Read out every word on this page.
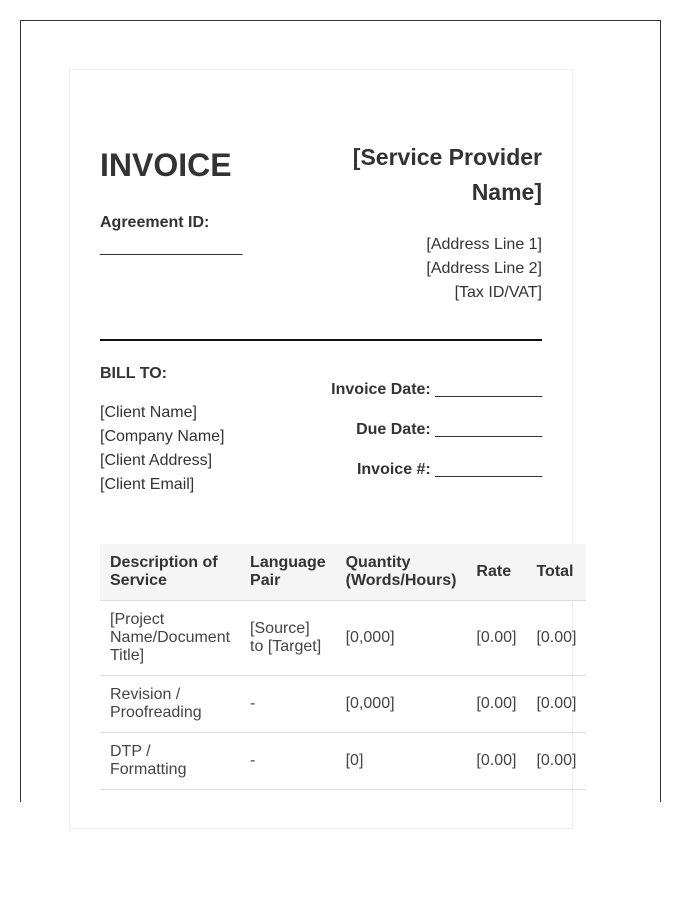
INVOICE
Agreement ID:
________________
[Service Provider Name]
[Address Line 1]
[Address Line 2]
[Tax ID/VAT]
BILL TO:
[Client Name]
[Company Name]
[Client Address]
[Client Email]
Invoice Date: ____________
Due Date: ____________
Invoice #: ____________
Description of Service	Language Pair	Quantity (Words/Hours)	Rate	Total
[Project Name/Document Title]	[Source] to [Target]	[0,000]	[0.00]	[0.00]
Revision / Proofreading	-	[0,000]	[0.00]	[0.00]
DTP / Formatting	-	[0]	[0.00]	[0.00]
